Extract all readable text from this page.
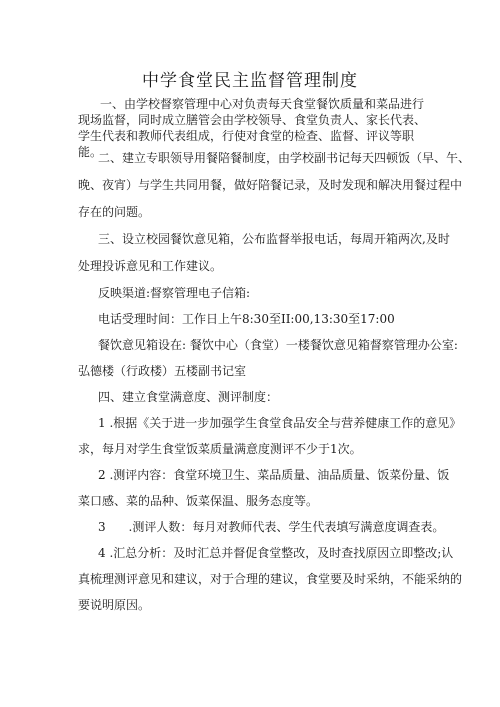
中学食堂民主监督管理制度
一、由学校督察管理中心对负责每天食堂餐饮质量和菜品进行现场监督，同时成立膳管会由学校领导、食堂负责人、家长代表、学生代表和教师代表组成，行使对食堂的检查、监督、评议等职能。
二、建立专职领导用餐陪餐制度，由学校副书记每天四顿饭（早、午、
晚、夜宵）与学生共同用餐，做好陪餐记录，及时发现和解决用餐过程中
存在的问题。
三、设立校园餐饮意见箱，公布监督举报电话，每周开箱两次,及时
处理投诉意见和工作建议。
反映渠道:督察管理电子信箱:
电话受理时间：工作日上午8:30至II:00,13:30至17:00
餐饮意见箱设在: 餐饮中心（食堂）一楼餐饮意见箱督察管理办公室:
弘德楼（行政楼）五楼副书记室
四、建立食堂满意度、测评制度：
1 .根据《关于进一步加强学生食堂食品安全与营养健康工作的意见》
求，每月对学生食堂饭菜质量满意度测评不少于1次。
2 .测评内容：食堂环境卫生、菜品质量、油品质量、饭菜份量、饭
菜口感、菜的品种、饭菜保温、服务态度等。
3      .测评人数：每月对教师代表、学生代表填写满意度调查表。
4 .汇总分析：及时汇总并督促食堂整改，及时查找原因立即整改;认
真梳理测评意见和建议，对于合理的建议，食堂要及时采纳，不能采纳的
要说明原因。
